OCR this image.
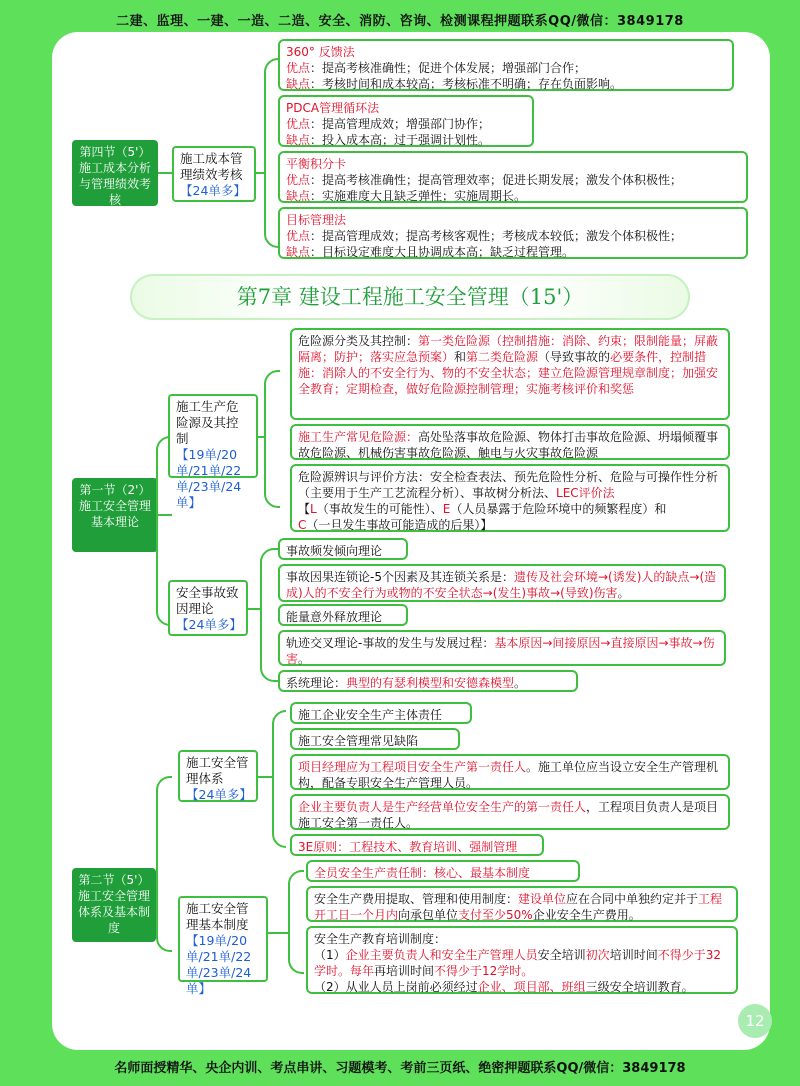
二建、监理、一建、一造、二造、安全、消防、咨询、检测课程押题联系QQ/微信：3849178
第四节（5'）施工成本分析与管理绩效考核
施工成本管理绩效考核
【24单多】
360° 反馈法
优点：提高考核准确性；促进个体发展；增强部门合作；
缺点：考核时间和成本较高；考核标准不明确；存在负面影响。
PDCA管理循环法
优点：提高管理成效；增强部门协作；
缺点：投入成本高；过于强调计划性。
平衡积分卡
优点：提高考核准确性；提高管理效率；促进长期发展；激发个体积极性；
缺点：实施难度大且缺乏弹性；实施周期长。
目标管理法
优点：提高管理成效；提高考核客观性；考核成本较低；激发个体积极性；
缺点：目标设定难度大且协调成本高；缺乏过程管理。
第7章 建设工程施工安全管理（15'）
第一节（2'）施工安全管理基本理论
施工生产危险源及其控制
【19单/20 单/21单/22 单/23单/24单】
危险源分类及其控制：第一类危险源（控制措施：消除、约束；限制能量；屏蔽隔离；防护；落实应急预案）和第二类危险源（导致事故的必要条件，控制措施：消除人的不安全行为、物的不安全状态；建立危险源管理规章制度；加强安全教育；定期检查，做好危险源控制管理；实施考核评价和奖惩
施工生产常见危险源：高处坠落事故危险源、物体打击事故危险源、坍塌倾覆事故危险源、机械伤害事故危险源、触电与火灾事故危险源
危险源辨识与评价方法：安全检查表法、预先危险性分析、危险与可操作性分析（主要用于生产工艺流程分析）、事故树分析法、LEC评价法
【L（事故发生的可能性）、E（人员暴露于危险环境中的频繁程度）和
C（一旦发生事故可能造成的后果）】
安全事故致因理论
【24单多】
事故频发倾向理论
事故因果连锁论-5个因素及其连锁关系是：遗传及社会环境→(诱发)人的缺点→(造成)人的不安全行为或物的不安全状态→(发生)事故→(导致)伤害。
能量意外释放理论
轨迹交叉理论-事故的发生与发展过程：基本原因→间接原因→直接原因→事故→伤害。
系统理论：典型的有瑟利模型和安德森模型。
第二节（5'）施工安全管理体系及基本制度
施工安全管理体系
【24单多】
施工企业安全生产主体责任
施工安全管理常见缺陷
项目经理应为工程项目安全生产第一责任人。施工单位应当设立安全生产管理机构，配备专职安全生产管理人员。
企业主要负责人是生产经营单位安全生产的第一责任人，工程项目负责人是项目施工安全第一责任人。
3E原则：工程技术、教育培训、强制管理
施工安全管理基本制度
【19单/20 单/21单/22 单/23单/24单】
全员安全生产责任制：核心、最基本制度
安全生产费用提取、管理和使用制度：建设单位应在合同中单独约定并于工程开工日一个月内向承包单位支付至少50%企业安全生产费用。
安全生产教育培训制度：
（1）企业主要负责人和安全生产管理人员安全培训初次培训时间不得少于32学时。每年再培训时间不得少于12学时。
（2）从业人员上岗前必须经过企业、项目部、班组三级安全培训教育。
12
名师面授精华、央企内训、考点串讲、习题模考、考前三页纸、绝密押题联系QQ/微信：3849178
